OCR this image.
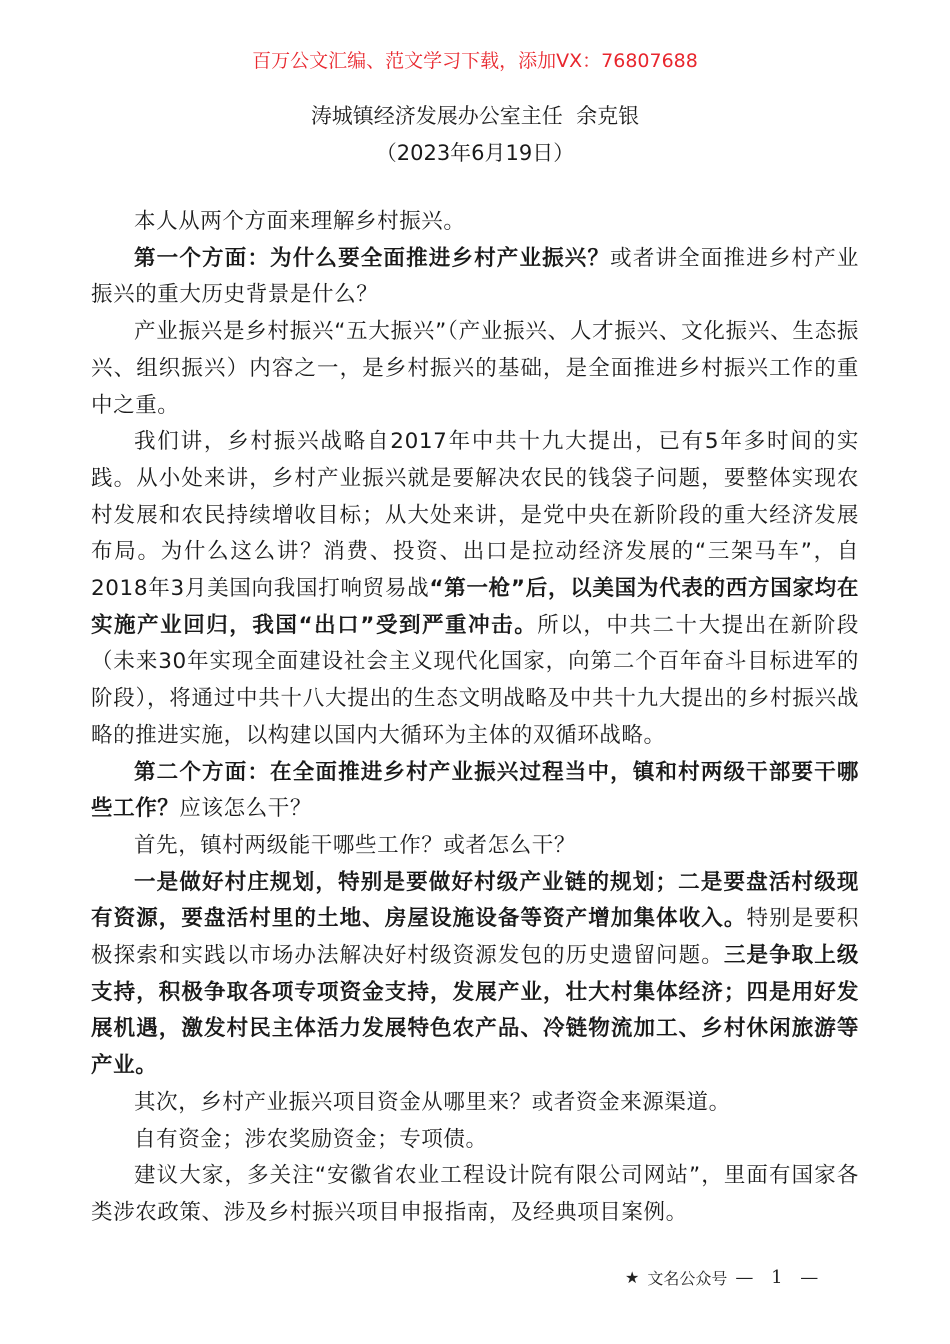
百万公文汇编、范文学习下载，添加VX：76807688
涛城镇经济发展办公室主任  余克银
（2023年6月19日）

本人从两个方面来理解乡村振兴。

第一个方面：为什么要全面推进乡村产业振兴？或者讲全面推进乡村产业振兴的重大历史背景是什么？

产业振兴是乡村振兴“五大振兴”（产业振兴、人才振兴、文化振兴、生态振兴、组织振兴）内容之一，是乡村振兴的基础，是全面推进乡村振兴工作的重中之重。

我们讲，乡村振兴战略自2017年中共十九大提出，已有5年多时间的实践。从小处来讲，乡村产业振兴就是要解决农民的钱袋子问题，要整体实现农村发展和农民持续增收目标；从大处来讲，是党中央在新阶段的重大经济发展布局。为什么这么讲？消费、投资、出口是拉动经济发展的“三架马车”，自2018年3月美国向我国打响贸易战“第一枪”后，以美国为代表的西方国家均在实施产业回归，我国“出口”受到严重冲击。所以，中共二十大提出在新阶段（未来30年实现全面建设社会主义现代化国家，向第二个百年奋斗目标进军的阶段），将通过中共十八大提出的生态文明战略及中共十九大提出的乡村振兴战略的推进实施，以构建以国内大循环为主体的双循环战略。

第二个方面：在全面推进乡村产业振兴过程当中，镇和村两级干部要干哪些工作？应该怎么干？

首先，镇村两级能干哪些工作？或者怎么干？

一是做好村庄规划，特别是要做好村级产业链的规划；二是要盘活村级现有资源，要盘活村里的土地、房屋设施设备等资产增加集体收入。特别是要积极探索和实践以市场办法解决好村级资源发包的历史遗留问题。三是争取上级支持，积极争取各项专项资金支持，发展产业，壮大村集体经济；四是用好发展机遇，激发村民主体活力发展特色农产品、冷链物流加工、乡村休闲旅游等产业。

其次，乡村产业振兴项目资金从哪里来？或者资金来源渠道。

自有资金；涉农奖励资金；专项债。

建议大家，多关注“安徽省农业工程设计院有限公司网站”，里面有国家各类涉农政策、涉及乡村振兴项目申报指南，及经典项目案例。

★ 文名公众号 — 1 —
